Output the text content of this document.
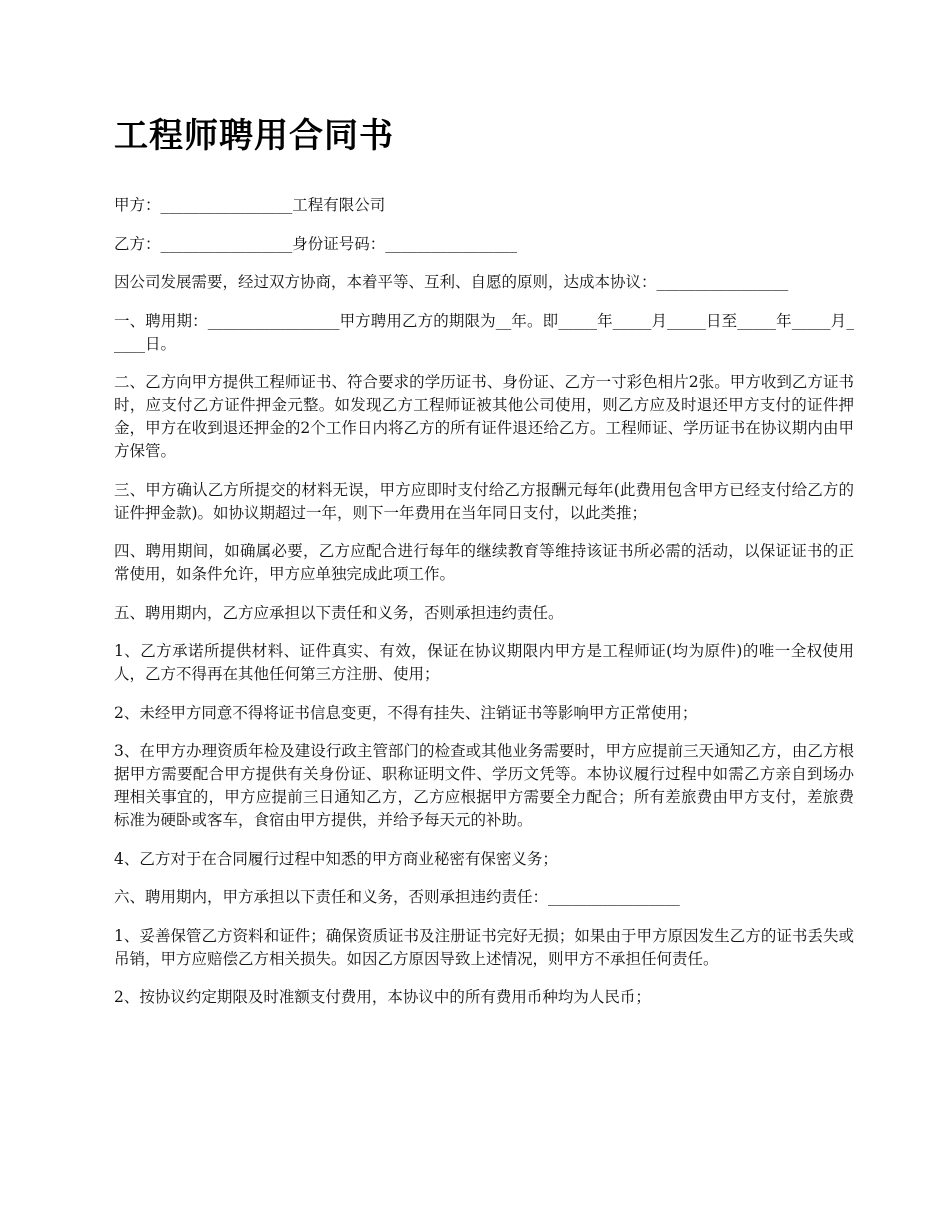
工程师聘用合同书

甲方：_________________工程有限公司

乙方：_________________身份证号码：_________________

因公司发展需要，经过双方协商，本着平等、互利、自愿的原则，达成本协议：_________________

一、聘用期：_________________甲方聘用乙方的期限为__年。即_____年_____月_____日至_____年_____月_____日。

二、乙方向甲方提供工程师证书、符合要求的学历证书、身份证、乙方一寸彩色相片2张。甲方收到乙方证书时，应支付乙方证件押金元整。如发现乙方工程师证被其他公司使用，则乙方应及时退还甲方支付的证件押金，甲方在收到退还押金的2个工作日内将乙方的所有证件退还给乙方。工程师证、学历证书在协议期内由甲方保管。

三、甲方确认乙方所提交的材料无误，甲方应即时支付给乙方报酬元每年(此费用包含甲方已经支付给乙方的证件押金款)。如协议期超过一年，则下一年费用在当年同日支付，以此类推；

四、聘用期间，如确属必要，乙方应配合进行每年的继续教育等维持该证书所必需的活动，以保证证书的正常使用，如条件允许，甲方应单独完成此项工作。

五、聘用期内，乙方应承担以下责任和义务，否则承担违约责任。

1、乙方承诺所提供材料、证件真实、有效，保证在协议期限内甲方是工程师证(均为原件)的唯一全权使用人，乙方不得再在其他任何第三方注册、使用；

2、未经甲方同意不得将证书信息变更，不得有挂失、注销证书等影响甲方正常使用；

3、在甲方办理资质年检及建设行政主管部门的检查或其他业务需要时，甲方应提前三天通知乙方，由乙方根据甲方需要配合甲方提供有关身份证、职称证明文件、学历文凭等。本协议履行过程中如需乙方亲自到场办理相关事宜的，甲方应提前三日通知乙方，乙方应根据甲方需要全力配合；所有差旅费由甲方支付，差旅费标准为硬卧或客车，食宿由甲方提供，并给予每天元的补助。

4、乙方对于在合同履行过程中知悉的甲方商业秘密有保密义务；

六、聘用期内，甲方承担以下责任和义务，否则承担违约责任：_________________

1、妥善保管乙方资料和证件；确保资质证书及注册证书完好无损；如果由于甲方原因发生乙方的证书丢失或吊销，甲方应赔偿乙方相关损失。如因乙方原因导致上述情况，则甲方不承担任何责任。

2、按协议约定期限及时准额支付费用，本协议中的所有费用币种均为人民币；
